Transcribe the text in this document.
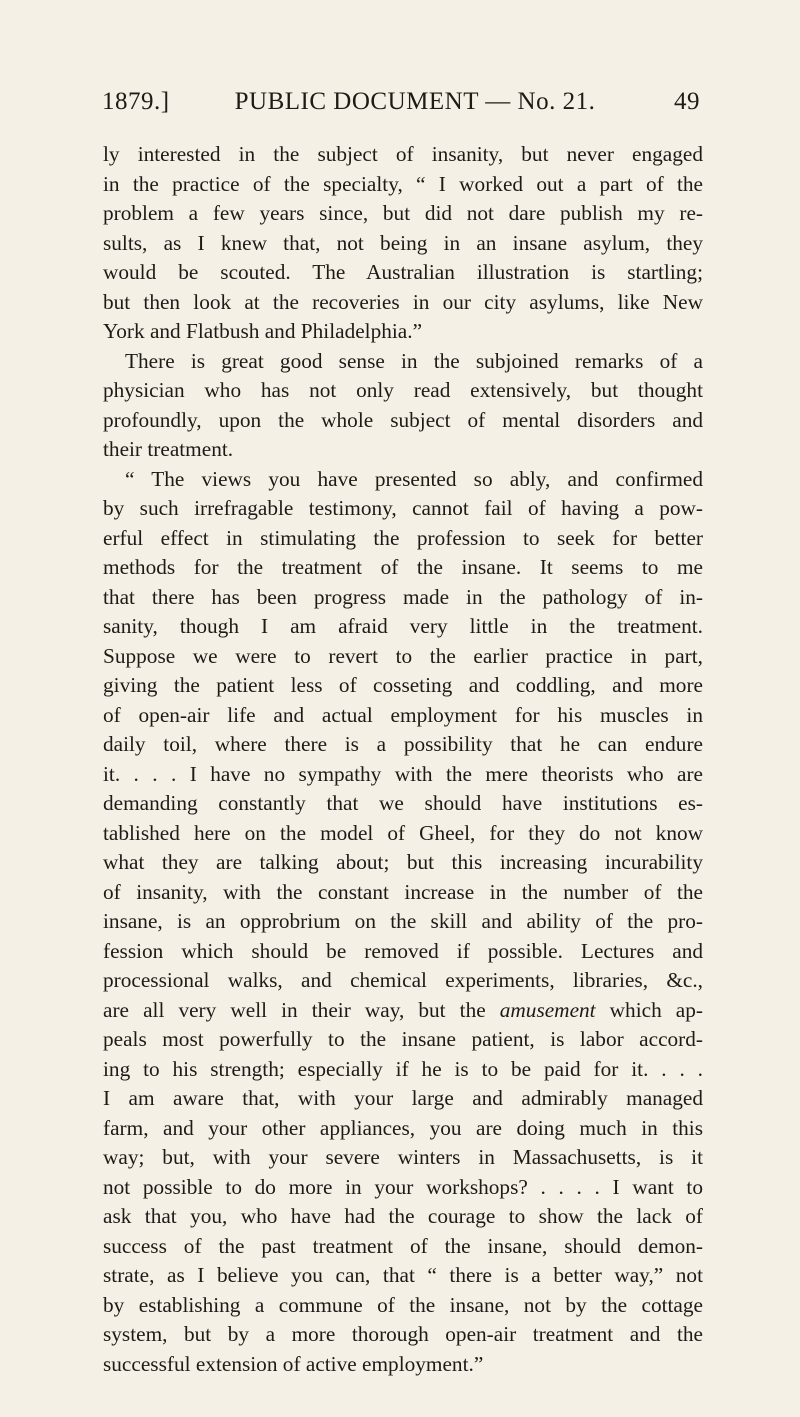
1879.]	PUBLIC DOCUMENT — No. 21.	49

ly interested in the subject of insanity, but never engaged
in the practice of the specialty, “ I worked out a part of the
problem a few years since, but did not dare publish my re-
sults, as I knew that, not being in an insane asylum, they
would be scouted. The Australian illustration is startling;
but then look at the recoveries in our city asylums, like New
York and Flatbush and Philadelphia.”

There is great good sense in the subjoined remarks of a
physician who has not only read extensively, but thought
profoundly, upon the whole subject of mental disorders and
their treatment.

“ The views you have presented so ably, and confirmed
by such irrefragable testimony, cannot fail of having a pow-
erful effect in stimulating the profession to seek for better
methods for the treatment of the insane. It seems to me
that there has been progress made in the pathology of in-
sanity, though I am afraid very little in the treatment.
Suppose we were to revert to the earlier practice in part,
giving the patient less of cosseting and coddling, and more
of open-air life and actual employment for his muscles in
daily toil, where there is a possibility that he can endure
it. . . . I have no sympathy with the mere theorists who are
demanding constantly that we should have institutions es-
tablished here on the model of Gheel, for they do not know
what they are talking about; but this increasing incurability
of insanity, with the constant increase in the number of the
insane, is an opprobrium on the skill and ability of the pro-
fession which should be removed if possible. Lectures and
processional walks, and chemical experiments, libraries, &c.,
are all very well in their way, but the amusement which ap-
peals most powerfully to the insane patient, is labor accord-
ing to his strength; especially if he is to be paid for it. . . .
I am aware that, with your large and admirably managed
farm, and your other appliances, you are doing much in this
way; but, with your severe winters in Massachusetts, is it
not possible to do more in your workshops? . . . . I want to
ask that you, who have had the courage to show the lack of
success of the past treatment of the insane, should demon-
strate, as I believe you can, that “ there is a better way,” not
by establishing a commune of the insane, not by the cottage
system, but by a more thorough open-air treatment and the
successful extension of active employment.”
